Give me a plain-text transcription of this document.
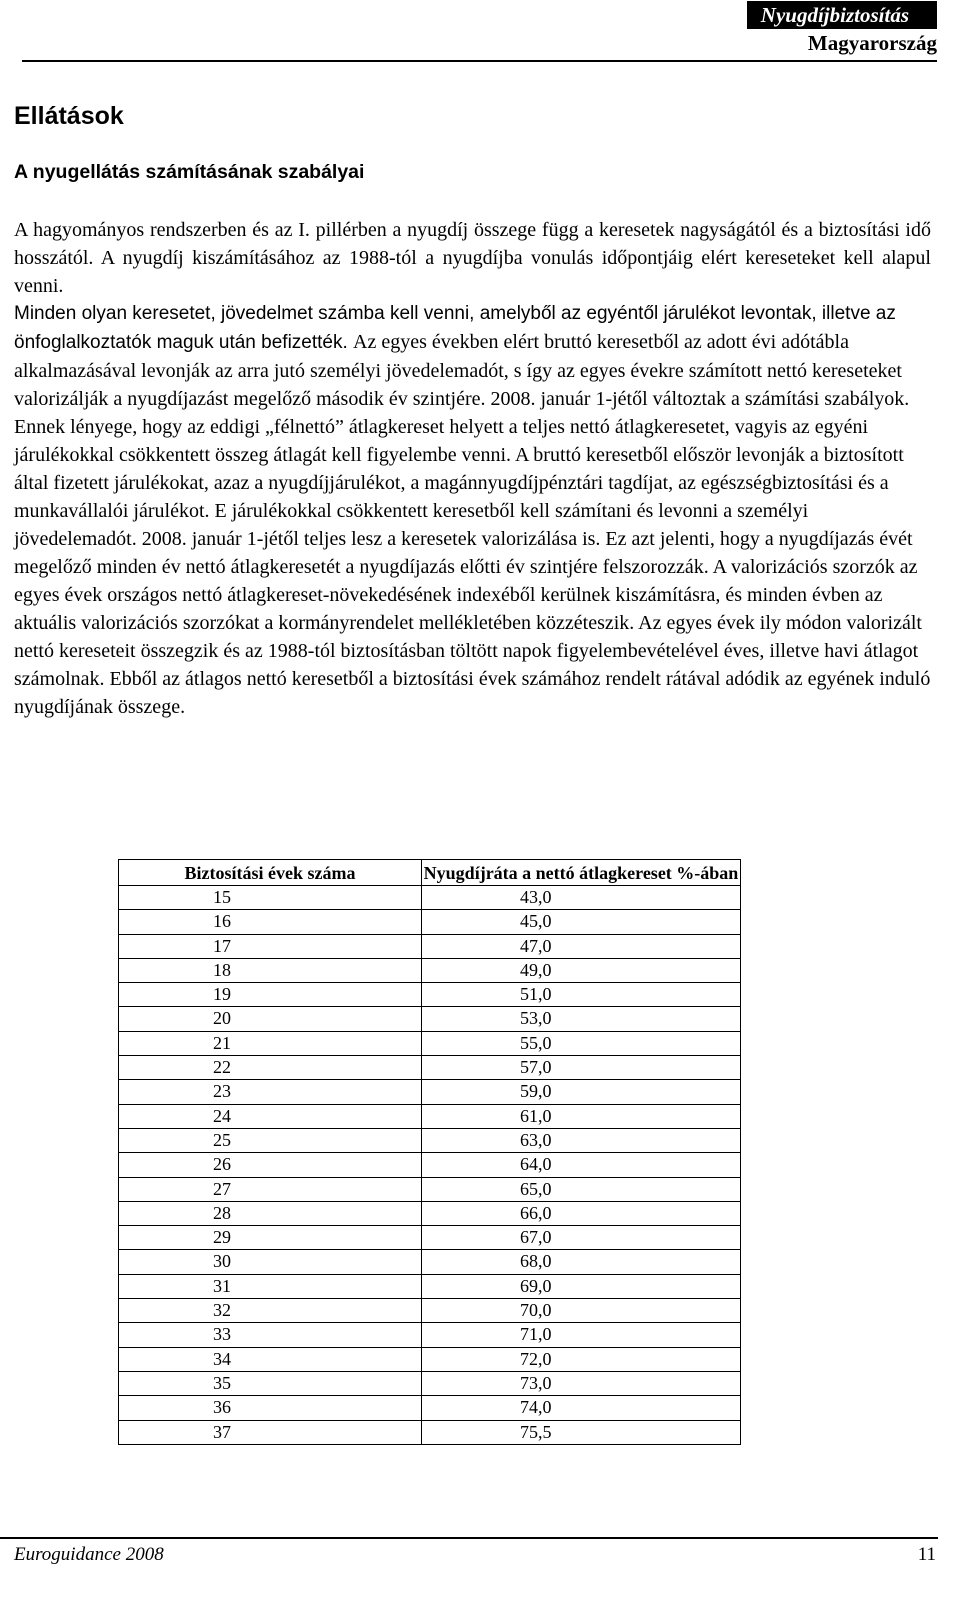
Nyugdíjbiztosítás
Magyarország
Ellátások
A nyugellátás számításának szabályai

A hagyományos rendszerben és az I. pillérben a nyugdíj összege függ a keresetek nagyságától és a biztosítási idő hosszától. A nyugdíj kiszámításához az 1988-tól a nyugdíjba vonulás időpontjáig elért kereseteket kell alapul venni.

Minden olyan keresetet, jövedelmet számba kell venni, amelyből az egyéntől járulékot levontak, illetve az önfoglalkoztatók maguk után befizették.

Az egyes években elért bruttó keresetből az adott évi adótábla alkalmazásával levonják az arra jutó személyi jövedelemadót, s így az egyes évekre számított nettó kereseteket valorizálják a nyugdíjazást megelőző második év szintjére. 2008. január 1-jétől változtak a számítási szabályok. Ennek lényege, hogy az eddigi „félnettó” átlagkereset helyett a teljes nettó átlagkeresetet, vagyis az egyéni járulékokkal csökkentett összeg átlagát kell figyelembe venni. A bruttó keresetből először levonják a biztosított által fizetett járulékokat, azaz a nyugdíjjárulékot, a magánnyugdíjpénztári tagdíjat, az egészségbiztosítási és a munkavállalói járulékot. E járulékokkal csökkentett keresetből kell számítani és levonni a személyi jövedelemadót. 2008. január 1-jétől teljes lesz a keresetek valorizálása is. Ez azt jelenti, hogy a nyugdíjazás évét megelőző minden év nettó átlagkeresetét a nyugdíjazás előtti év szintjére felszorozzák. A valorizációs szorzók az egyes évek országos nettó átlagkereset-növekedésének indexéből kerülnek kiszámításra, és minden évben az aktuális valorizációs szorzókat a kormányrendelet mellékletében közzéteszik. Az egyes évek ily módon valorizált nettó kereseteit összegzik és az 1988-tól biztosításban töltött napok figyelembevételével éves, illetve havi átlagot számolnak. Ebből az átlagos nettó keresetből a biztosítási évek számához rendelt rátával adódik az egyének induló nyugdíjának összege.

Biztosítási évek száma	Nyugdíjráta a nettó átlagkereset %-ában
15	43,0
16	45,0
17	47,0
18	49,0
19	51,0
20	53,0
21	55,0
22	57,0
23	59,0
24	61,0
25	63,0
26	64,0
27	65,0
28	66,0
29	67,0
30	68,0
31	69,0
32	70,0
33	71,0
34	72,0
35	73,0
36	74,0
37	75,5
Euroguidance 2008	11
